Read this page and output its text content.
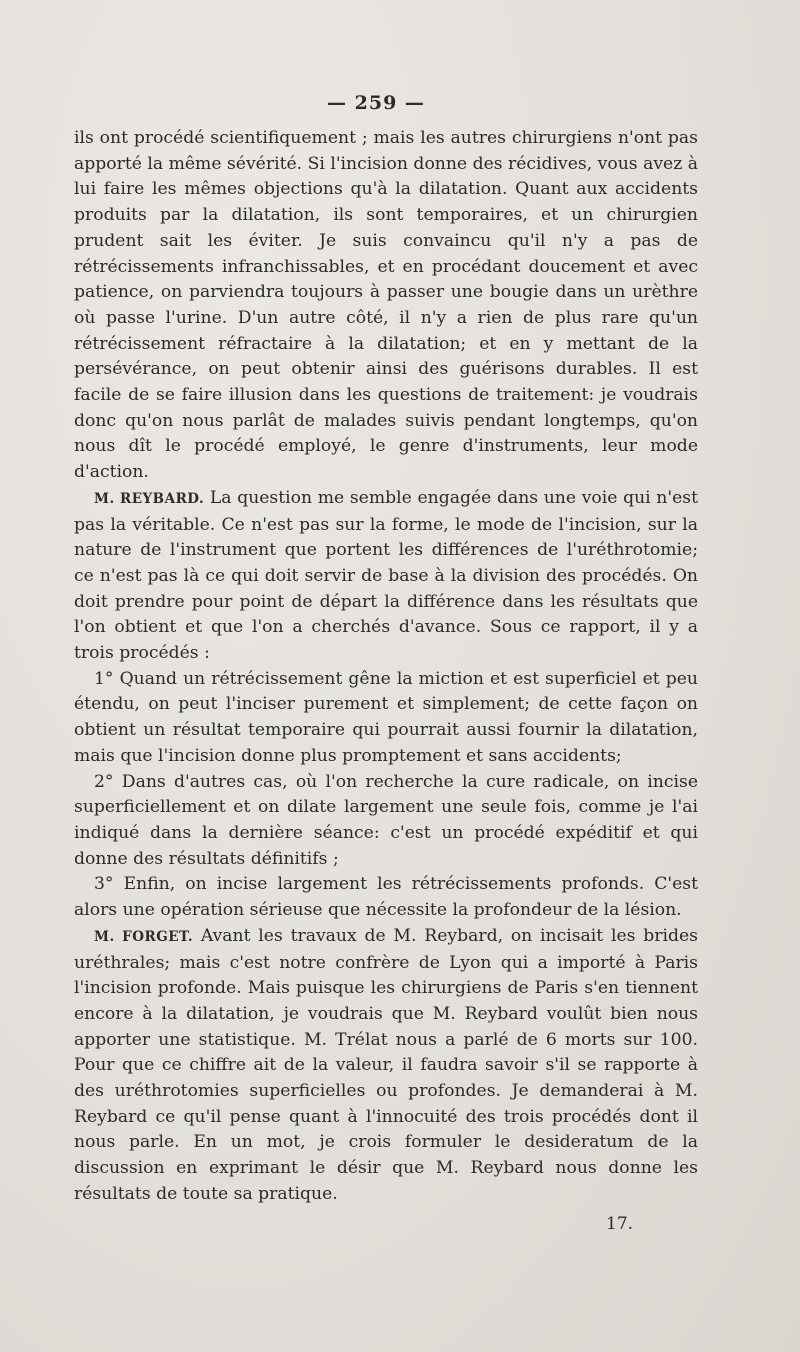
— 259 —

ils ont procédé scientifiquement ; mais les autres chirurgiens n'ont pas apporté la même sévérité. Si l'incision donne des récidives, vous avez à lui faire les mêmes objections qu'à la dilatation. Quant aux accidents produits par la dilatation, ils sont temporaires, et un chirurgien prudent sait les éviter. Je suis convaincu qu'il n'y a pas de rétrécissements infranchissables, et en procédant doucement et avec patience, on parviendra toujours à passer une bougie dans un urèthre où passe l'urine. D'un autre côté, il n'y a rien de plus rare qu'un rétrécissement réfractaire à la dilatation; et en y mettant de la persévérance, on peut obtenir ainsi des guérisons durables. Il est facile de se faire illusion dans les questions de traitement: je voudrais donc qu'on nous parlât de malades suivis pendant longtemps, qu'on nous dît le procédé employé, le genre d'instruments, leur mode d'action.

M. REYBARD. La question me semble engagée dans une voie qui n'est pas la véritable. Ce n'est pas sur la forme, le mode de l'incision, sur la nature de l'instrument que portent les différences de l'uréthrotomie; ce n'est pas là ce qui doit servir de base à la division des procédés. On doit prendre pour point de départ la différence dans les résultats que l'on obtient et que l'on a cherchés d'avance. Sous ce rapport, il y a trois procédés :

1° Quand un rétrécissement gêne la miction et est superficiel et peu étendu, on peut l'inciser purement et simplement; de cette façon on obtient un résultat temporaire qui pourrait aussi fournir la dilatation, mais que l'incision donne plus promptement et sans accidents;

2° Dans d'autres cas, où l'on recherche la cure radicale, on incise superficiellement et on dilate largement une seule fois, comme je l'ai indiqué dans la dernière séance: c'est un procédé expéditif et qui donne des résultats définitifs ;

3° Enfin, on incise largement les rétrécissements profonds. C'est alors une opération sérieuse que nécessite la profondeur de la lésion.

M. FORGET. Avant les travaux de M. Reybard, on incisait les brides uréthrales; mais c'est notre confrère de Lyon qui a importé à Paris l'incision profonde. Mais puisque les chirurgiens de Paris s'en tiennent encore à la dilatation, je voudrais que M. Reybard voulût bien nous apporter une statistique. M. Trélat nous a parlé de 6 morts sur 100. Pour que ce chiffre ait de la valeur, il faudra savoir s'il se rapporte à des uréthrotomies superficielles ou profondes. Je demanderai à M. Reybard ce qu'il pense quant à l'innocuité des trois procédés dont il nous parle. En un mot, je crois formuler le desideratum de la discussion en exprimant le désir que M. Reybard nous donne les résultats de toute sa pratique.

17.
